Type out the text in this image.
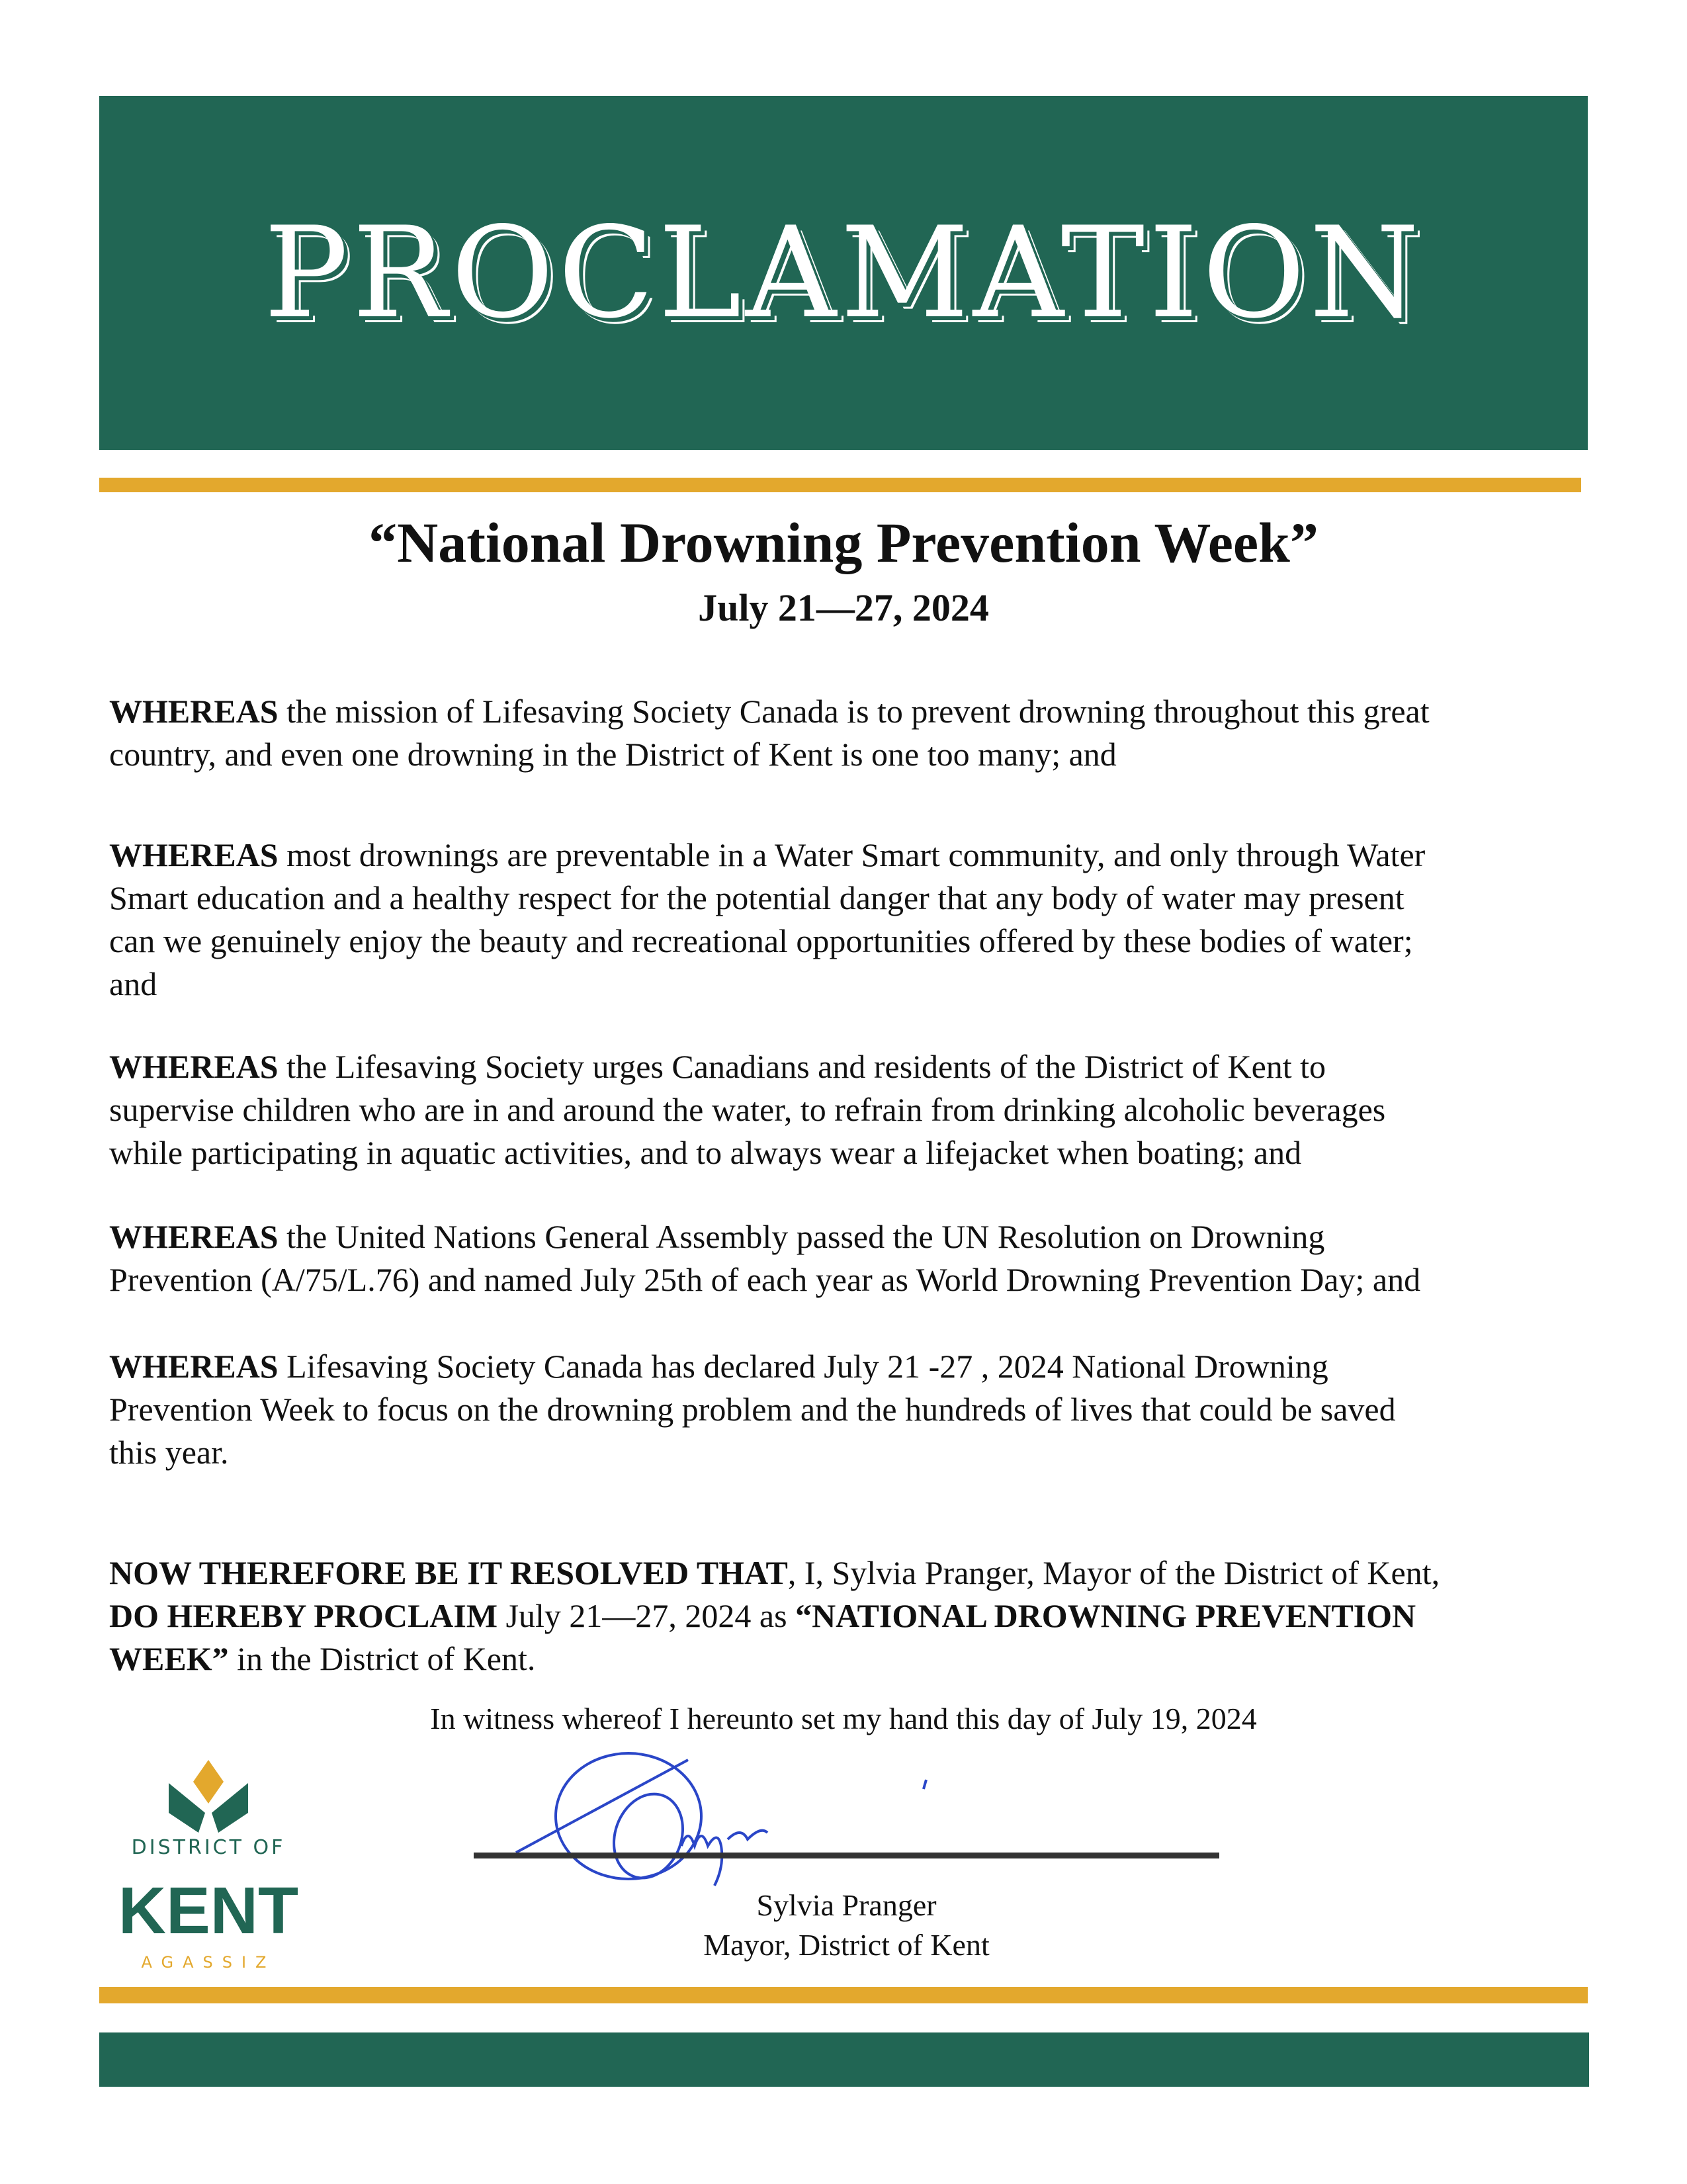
PROCLAMATION
“National Drowning Prevention Week”
July 21—27, 2024
WHEREAS the mission of Lifesaving Society Canada is to prevent drowning throughout this great
country, and even one drowning in the District of Kent is one too many; and
WHEREAS most drownings are preventable in a Water Smart community, and only through Water
Smart education and a healthy respect for the potential danger that any body of water may present
can we genuinely enjoy the beauty and recreational opportunities offered by these bodies of water;
and
WHEREAS the Lifesaving Society urges Canadians and residents of the District of Kent to
supervise children who are in and around the water, to refrain from drinking alcoholic beverages
while participating in aquatic activities, and to always wear a lifejacket when boating; and
WHEREAS the United Nations General Assembly passed the UN Resolution on Drowning
Prevention (A/75/L.76) and named July 25th of each year as World Drowning Prevention Day; and
WHEREAS Lifesaving Society Canada has declared July 21 -27 , 2024 National Drowning
Prevention Week to focus on the drowning problem and the hundreds of lives that could be saved
this year.
NOW THEREFORE BE IT RESOLVED THAT, I, Sylvia Pranger, Mayor of the District of Kent,
DO HEREBY PROCLAIM July 21—27, 2024 as “NATIONAL DROWNING PREVENTION
WEEK” in the District of Kent.
In witness whereof I hereunto set my hand this day of July 19, 2024
Sylvia Pranger
Mayor, District of Kent
DISTRICT OF
KENT
AGASSIZ
